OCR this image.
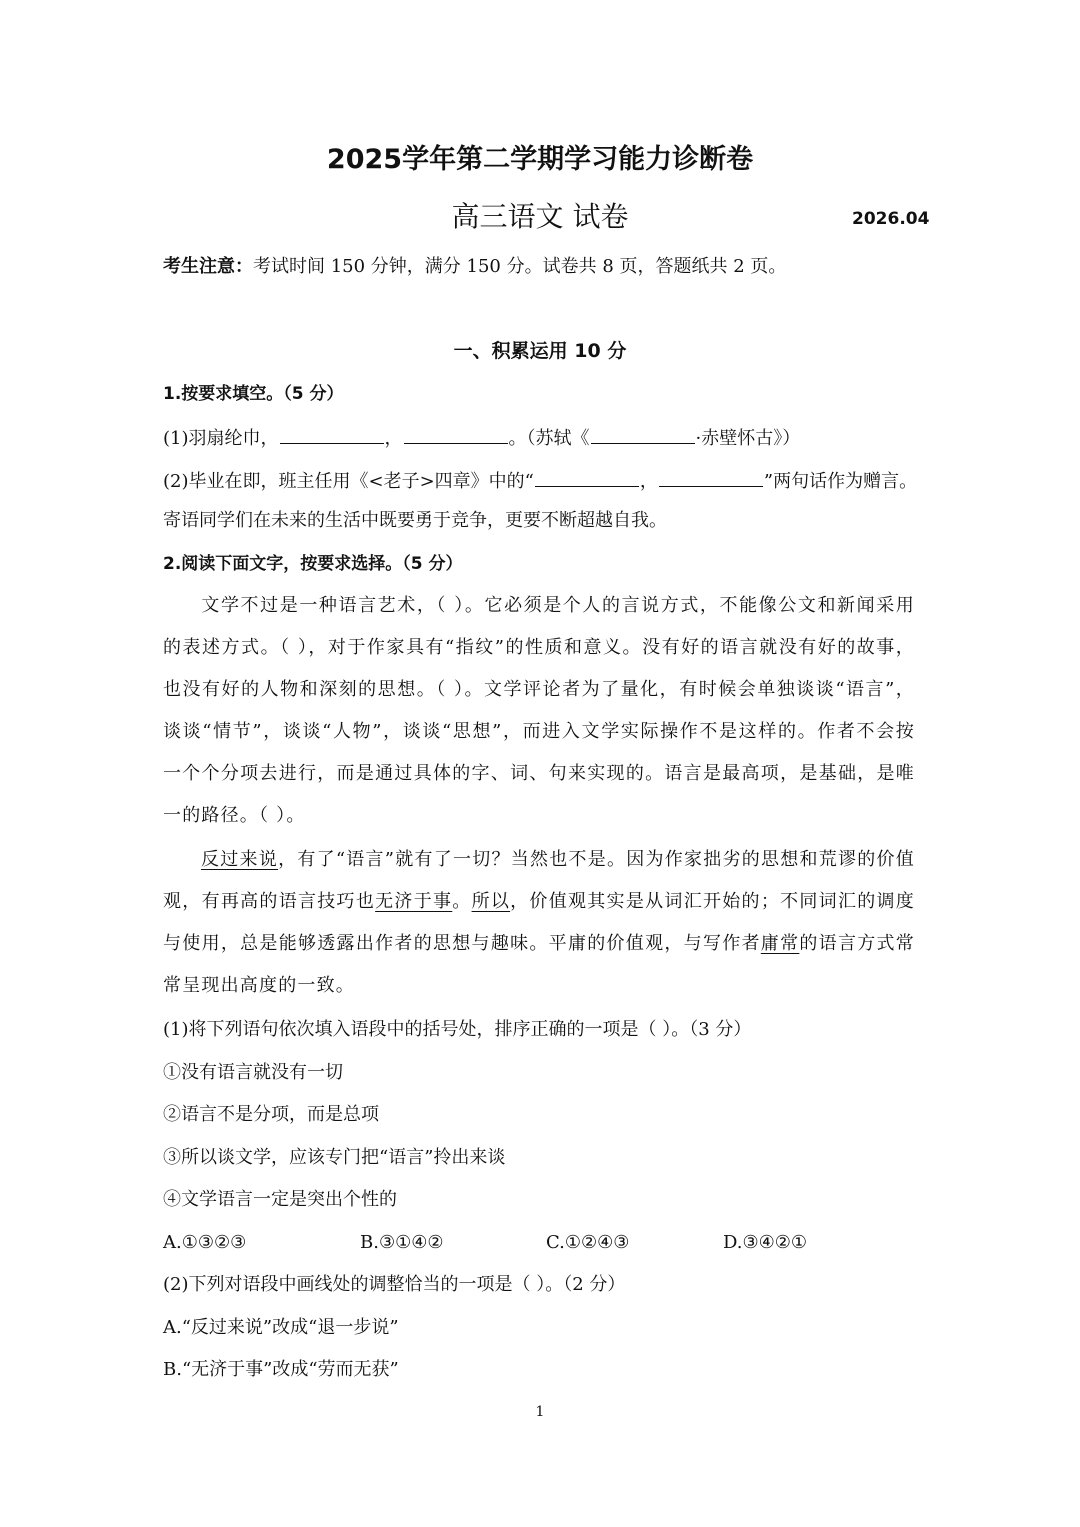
2025学年第二学期学习能力诊断卷
高三语文 试卷	2026.04
考生注意：考试时间 150 分钟，满分 150 分。试卷共 8 页，答题纸共 2 页。
一、积累运用 10 分
1.按要求填空。（5 分）
(1)羽扇纶巾，	，	。（苏轼《	·赤壁怀古》）
(2)毕业在即，班主任用《<老子>四章》中的“	，	”两句话作为赠言。
寄语同学们在未来的生活中既要勇于竞争，更要不断超越自我。
2.阅读下面文字，按要求选择。（5 分）
文学不过是一种语言艺术，（ ）。它必须是个人的言说方式，不能像公文和新闻采用的表述方式。（ ），对于作家具有“指纹”的性质和意义。没有好的语言就没有好的故事，也没有好的人物和深刻的思想。（ ）。文学评论者为了量化，有时候会单独谈谈“语言”，谈谈“情节”，谈谈“人物”，谈谈“思想”，而进入文学实际操作不是这样的。作者不会按一个个分项去进行，而是通过具体的字、词、句来实现的。语言是最高项，是基础，是唯一的路径。（ ）。
反过来说，有了“语言”就有了一切？当然也不是。因为作家拙劣的思想和荒谬的价值观，有再高的语言技巧也无济于事。所以，价值观其实是从词汇开始的；不同词汇的调度与使用，总是能够透露出作者的思想与趣味。平庸的价值观，与写作者庸常的语言方式常常呈现出高度的一致。
(1)将下列语句依次填入语段中的括号处，排序正确的一项是（ ）。（3 分）
①没有语言就没有一切
②语言不是分项，而是总项
③所以谈文学，应该专门把“语言”拎出来谈
④文学语言一定是突出个性的
A.①③②③	B.③①④②	C.①②④③	D.③④②①
(2)下列对语段中画线处的调整恰当的一项是（ ）。（2 分）
A.“反过来说”改成“退一步说”
B.“无济于事”改成“劳而无获”
1
